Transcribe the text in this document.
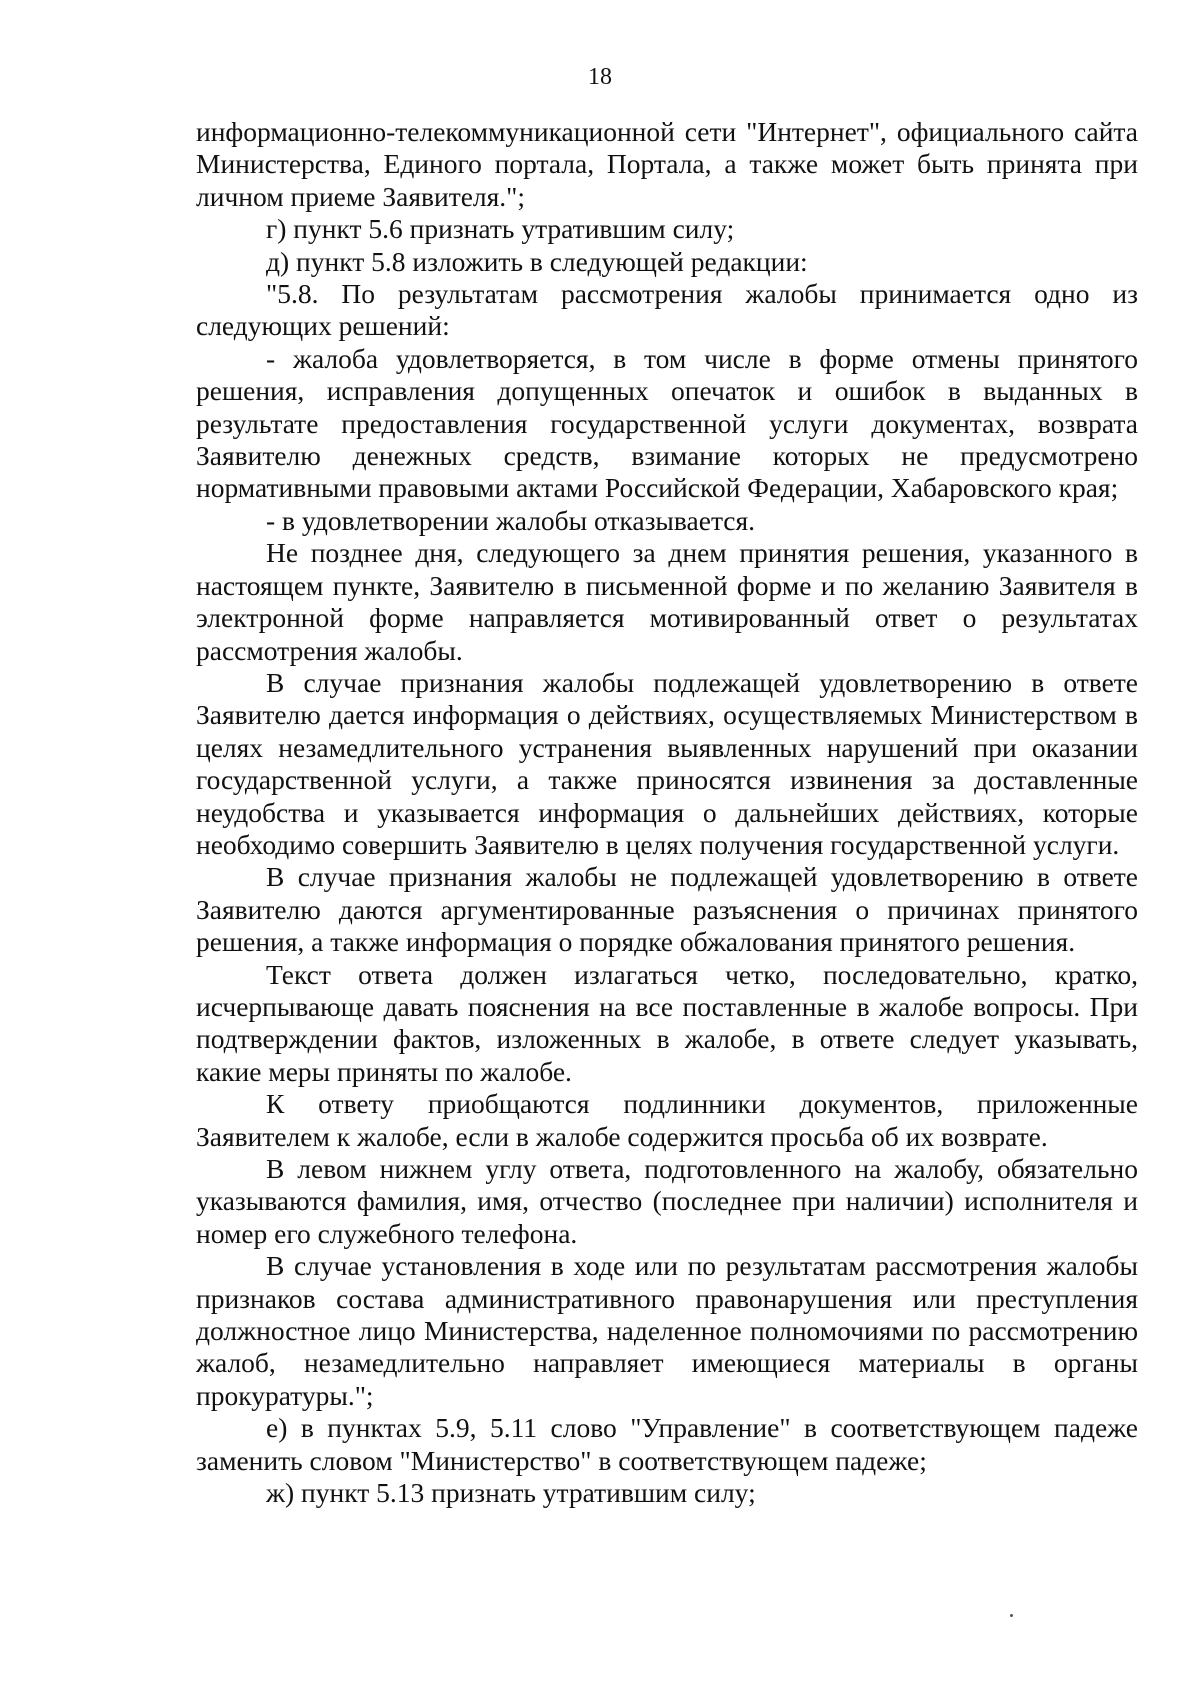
18

информационно-телекоммуникационной сети "Интернет", официального сайта Министерства, Единого портала, Портала, а также может быть принята при личном приеме Заявителя.";

г) пункт 5.6 признать утратившим силу;

д) пункт 5.8 изложить в следующей редакции:

"5.8. По результатам рассмотрения жалобы принимается одно из следующих решений:

- жалоба удовлетворяется, в том числе в форме отмены принятого решения, исправления допущенных опечаток и ошибок в выданных в результате предоставления государственной услуги документах, возврата Заявителю денежных средств, взимание которых не предусмотрено нормативными правовыми актами Российской Федерации, Хабаровского края;

- в удовлетворении жалобы отказывается.

Не позднее дня, следующего за днем принятия решения, указанного в настоящем пункте, Заявителю в письменной форме и по желанию Заявителя в электронной форме направляется мотивированный ответ о результатах рассмотрения жалобы.

В случае признания жалобы подлежащей удовлетворению в ответе Заявителю дается информация о действиях, осуществляемых Министерством в целях незамедлительного устранения выявленных нарушений при оказании государственной услуги, а также приносятся извинения за доставленные неудобства и указывается информация о дальнейших действиях, которые необходимо совершить Заявителю в целях получения государственной услуги.

В случае признания жалобы не подлежащей удовлетворению в ответе Заявителю даются аргументированные разъяснения о причинах принятого решения, а также информация о порядке обжалования принятого решения.

Текст ответа должен излагаться четко, последовательно, кратко, исчерпывающе давать пояснения на все поставленные в жалобе вопросы. При подтверждении фактов, изложенных в жалобе, в ответе следует указывать, какие меры приняты по жалобе.

К ответу приобщаются подлинники документов, приложенные Заявителем к жалобе, если в жалобе содержится просьба об их возврате.

В левом нижнем углу ответа, подготовленного на жалобу, обязательно указываются фамилия, имя, отчество (последнее при наличии) исполнителя и номер его служебного телефона.

В случае установления в ходе или по результатам рассмотрения жалобы признаков состава административного правонарушения или преступления должностное лицо Министерства, наделенное полномочиями по рассмотрению жалоб, незамедлительно направляет имеющиеся материалы в органы прокуратуры.";

е) в пунктах 5.9, 5.11 слово "Управление" в соответствующем падеже заменить словом "Министерство" в соответствующем падеже;

ж) пункт 5.13 признать утратившим силу;
